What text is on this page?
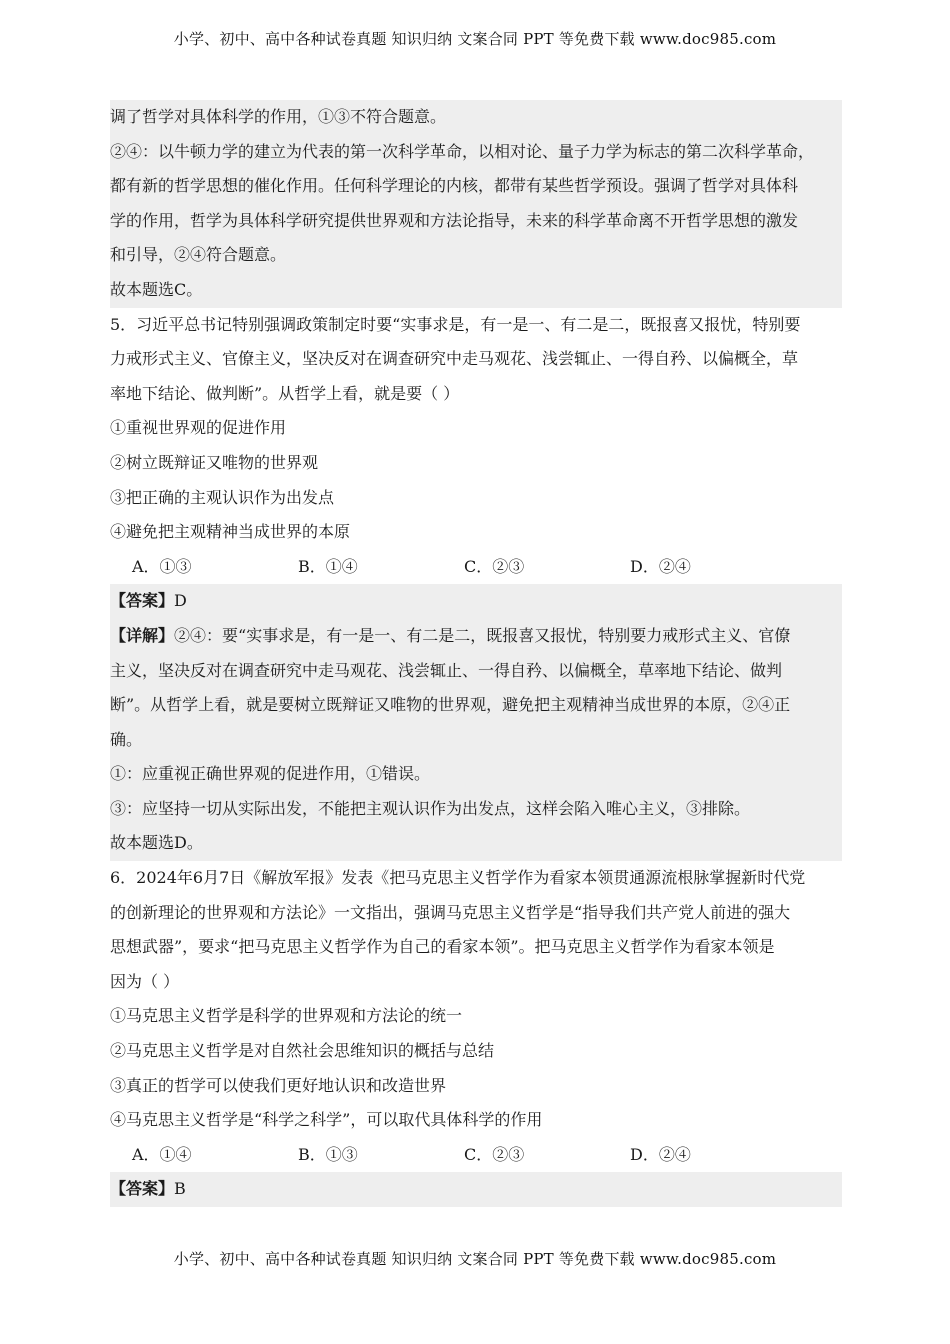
小学、初中、高中各种试卷真题 知识归纳 文案合同 PPT 等免费下载 www.doc985.com
调了哲学对具体科学的作用，①③不符合题意。
②④：以牛顿力学的建立为代表的第一次科学革命，以相对论、量子力学为标志的第二次科学革命，
都有新的哲学思想的催化作用。任何科学理论的内核，都带有某些哲学预设。强调了哲学对具体科
学的作用，哲学为具体科学研究提供世界观和方法论指导，未来的科学革命离不开哲学思想的激发
和引导，②④符合题意。
故本题选C。
5．习近平总书记特别强调政策制定时要“实事求是，有一是一、有二是二，既报喜又报忧，特别要
力戒形式主义、官僚主义，坚决反对在调查研究中走马观花、浅尝辄止、一得自矜、以偏概全，草
率地下结论、做判断”。从哲学上看，就是要（ ）
①重视世界观的促进作用
②树立既辩证又唯物的世界观
③把正确的主观认识作为出发点
④避免把主观精神当成世界的本原
A．①③	B．①④	C．②③	D．②④
【答案】D
【详解】②④：要“实事求是，有一是一、有二是二，既报喜又报忧，特别要力戒形式主义、官僚
主义，坚决反对在调查研究中走马观花、浅尝辄止、一得自矜、以偏概全，草率地下结论、做判
断”。从哲学上看，就是要树立既辩证又唯物的世界观，避免把主观精神当成世界的本原，②④正
确。
①：应重视正确世界观的促进作用，①错误。
③：应坚持一切从实际出发，不能把主观认识作为出发点，这样会陷入唯心主义，③排除。
故本题选D。
6．2024年6月7日《解放军报》发表《把马克思主义哲学作为看家本领贯通源流根脉掌握新时代党
的创新理论的世界观和方法论》一文指出，强调马克思主义哲学是“指导我们共产党人前进的强大
思想武器”，要求“把马克思主义哲学作为自己的看家本领”。把马克思主义哲学作为看家本领是
因为（ ）
①马克思主义哲学是科学的世界观和方法论的统一
②马克思主义哲学是对自然社会思维知识的概括与总结
③真正的哲学可以使我们更好地认识和改造世界
④马克思主义哲学是“科学之科学”，可以取代具体科学的作用
A．①④	B．①③	C．②③	D．②④
【答案】B
小学、初中、高中各种试卷真题 知识归纳 文案合同 PPT 等免费下载 www.doc985.com
